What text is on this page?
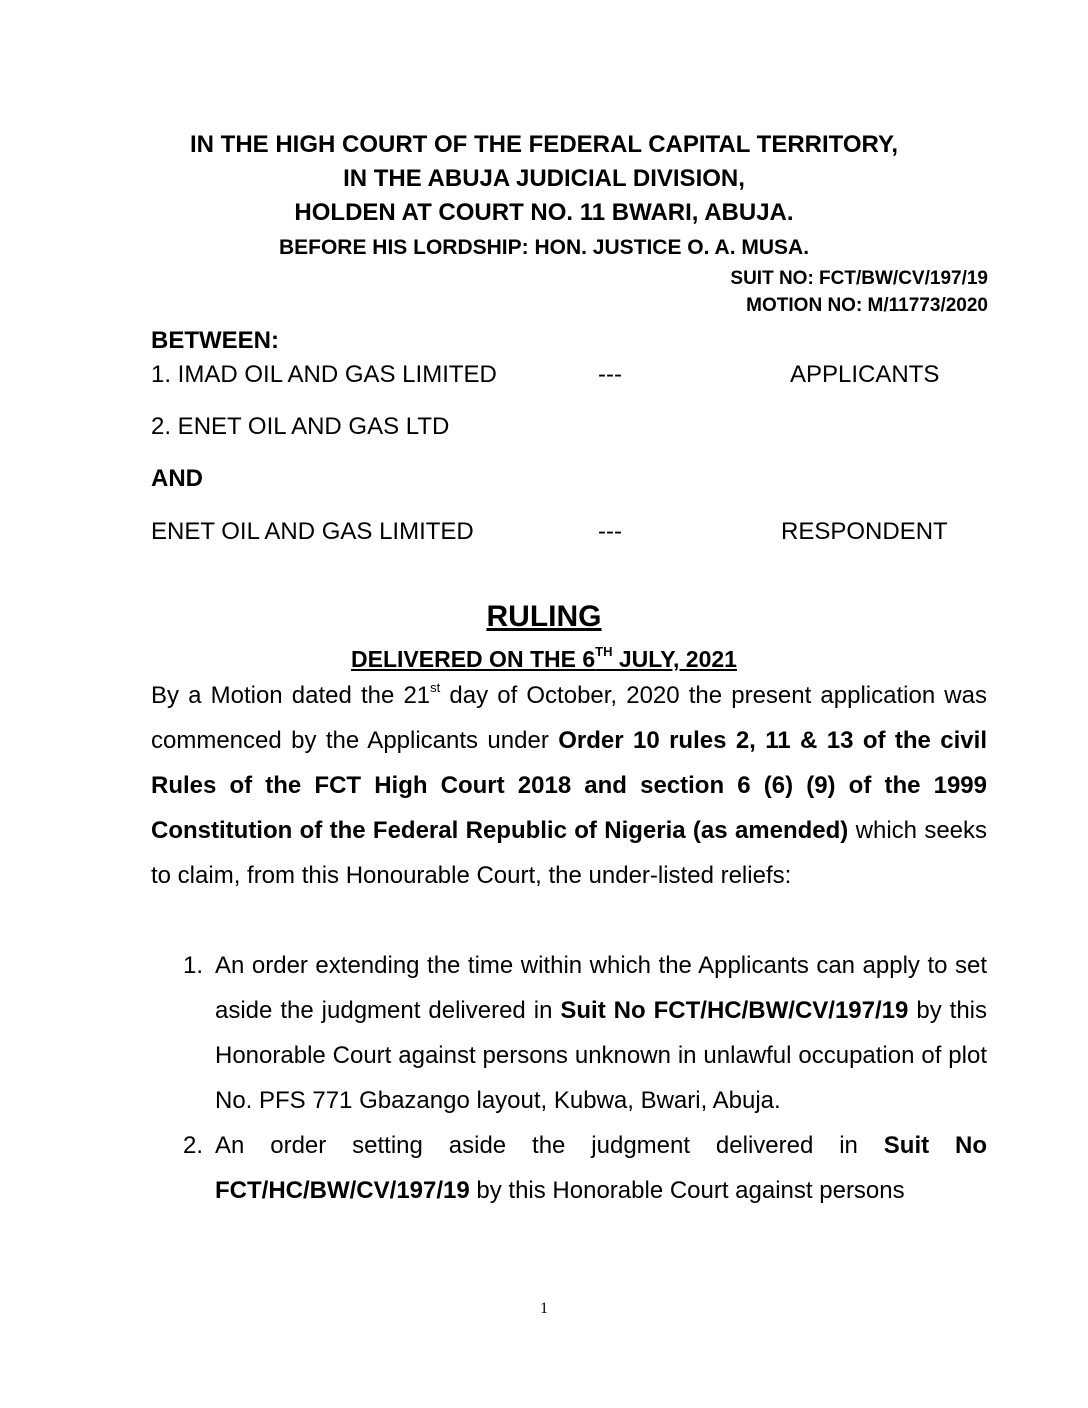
IN THE HIGH COURT OF THE FEDERAL CAPITAL TERRITORY,
IN THE ABUJA JUDICIAL DIVISION,
HOLDEN AT COURT NO. 11 BWARI, ABUJA.
BEFORE HIS LORDSHIP: HON. JUSTICE O. A. MUSA.
SUIT NO: FCT/BW/CV/197/19
MOTION NO: M/11773/2020
BETWEEN:
1. IMAD OIL AND GAS LIMITED	---	APPLICANTS
2. ENET OIL AND GAS LTD
AND
ENET OIL AND GAS LIMITED	---	RESPONDENT
RULING
DELIVERED ON THE 6TH JULY, 2021
By a Motion dated the 21st day of October, 2020 the present application was commenced by the Applicants under Order 10 rules 2, 11 & 13 of the civil Rules of the FCT High Court 2018 and section 6 (6) (9) of the 1999 Constitution of the Federal Republic of Nigeria (as amended) which seeks to claim, from this Honourable Court, the under-listed reliefs:
1. An order extending the time within which the Applicants can apply to set aside the judgment delivered in Suit No FCT/HC/BW/CV/197/19 by this Honorable Court against persons unknown in unlawful occupation of plot No. PFS 771 Gbazango layout, Kubwa, Bwari, Abuja.
2. An order setting aside the judgment delivered in Suit No FCT/HC/BW/CV/197/19 by this Honorable Court against persons
1
